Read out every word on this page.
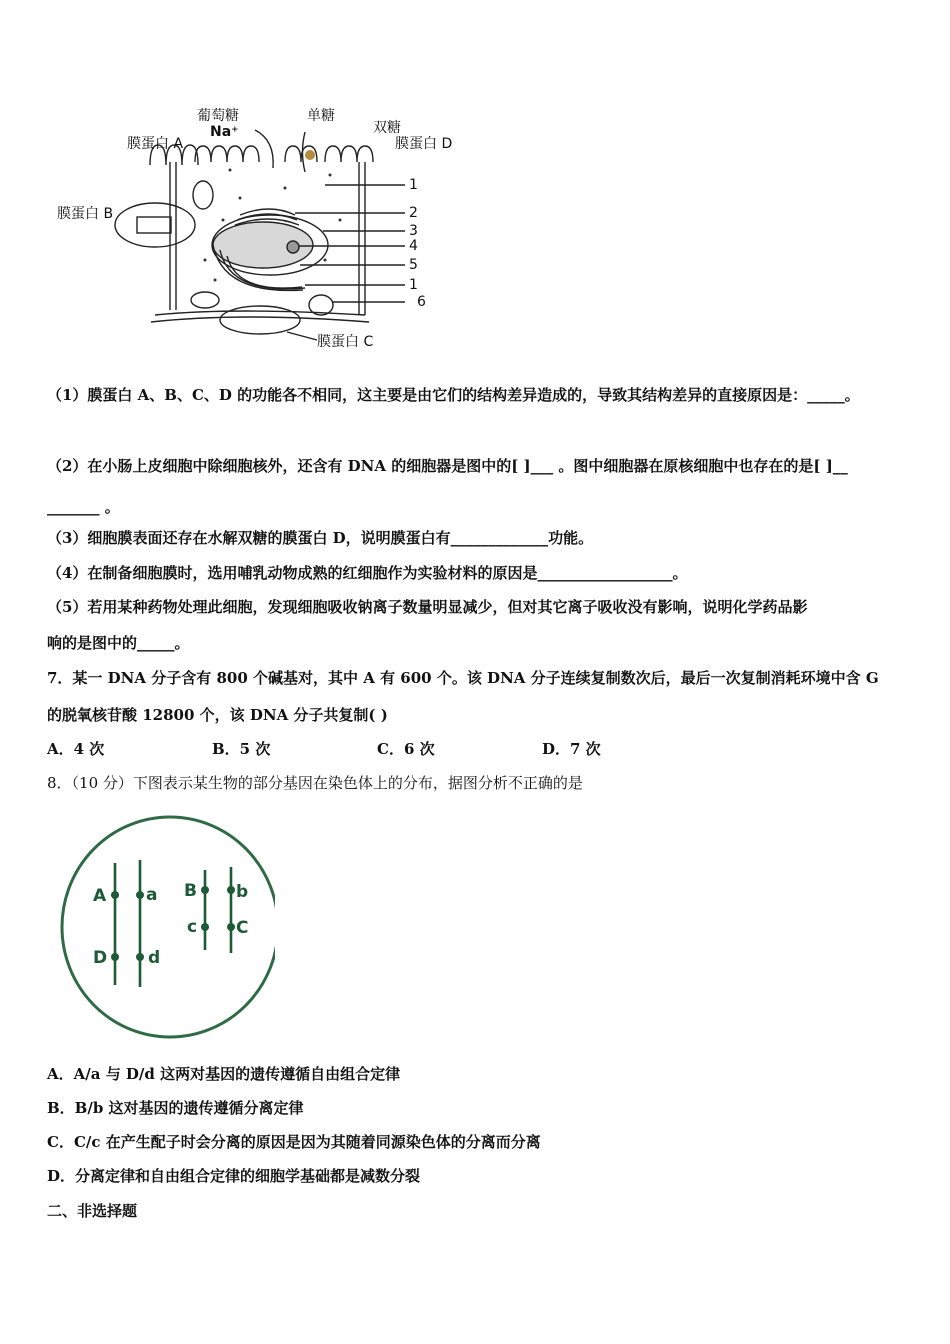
葡萄糖
Na⁺
单糖
双糖
膜蛋白 A
膜蛋白 B
膜蛋白 C
膜蛋白 D
1
2
3
4
5
1
6
（1）膜蛋白 A、B、C、D 的功能各不相同，这主要是由它们的结构差异造成的，导致其结构差异的直接原因是：_____。
（2）在小肠上皮细胞中除细胞核外，还含有 DNA 的细胞器是图中的[ ]___ 。图中细胞器在原核细胞中也存在的是[ ]__
_______ 。
（3）细胞膜表面还存在水解双糖的膜蛋白 D，说明膜蛋白有_____________功能。
（4）在制备细胞膜时，选用哺乳动物成熟的红细胞作为实验材料的原因是__________________。
（5）若用某种药物处理此细胞，发现细胞吸收钠离子数量明显减少，但对其它离子吸收没有影响，说明化学药品影
响的是图中的_____。
7．某一 DNA 分子含有 800 个碱基对，其中 A 有 600 个。该 DNA 分子连续复制数次后，最后一次复制消耗环境中含 G
的脱氧核苷酸 12800 个，该 DNA 分子共复制( )
A．4 次	B．5 次	C．6 次	D．7 次
8．（10 分）下图表示某生物的部分基因在染色体上的分布，据图分析不正确的是
A a
D d
B b
c C
A．A/a 与 D/d 这两对基因的遗传遵循自由组合定律
B．B/b 这对基因的遗传遵循分离定律
C．C/c 在产生配子时会分离的原因是因为其随着同源染色体的分离而分离
D．分离定律和自由组合定律的细胞学基础都是减数分裂
二、非选择题
